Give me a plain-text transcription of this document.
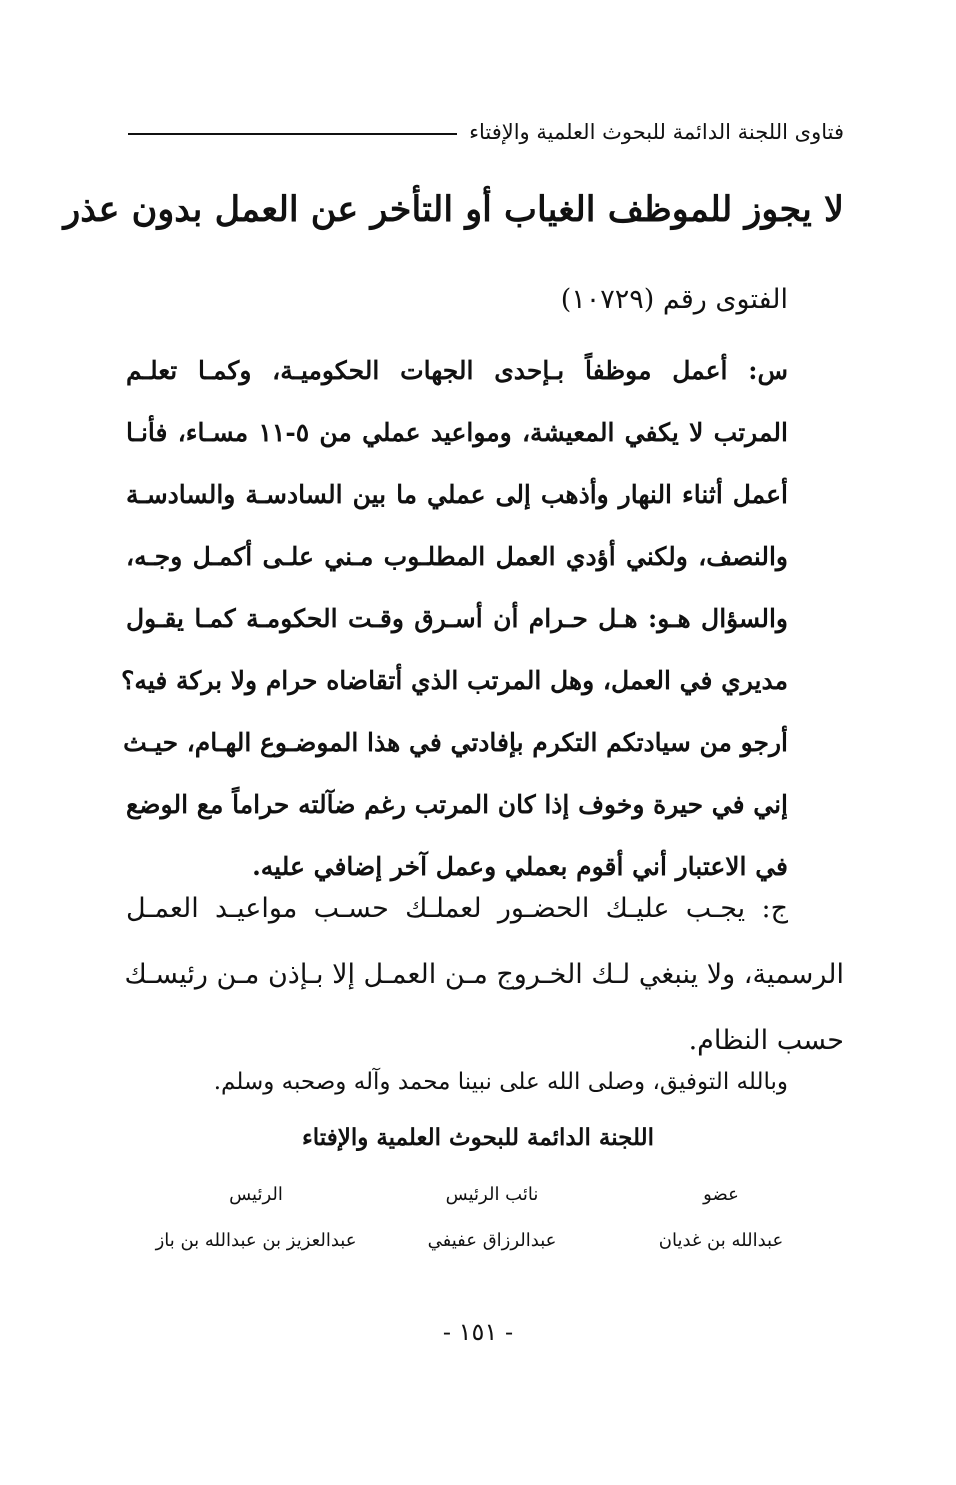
فتاوى اللجنة الدائمة للبحوث العلمية والإفتاء
لا يجوز للموظف الغياب أو التأخر عن العمل بدون عذر
الفتوى رقم (١٠٧٢٩)
س: أعمل موظفاً بـإحدى الجهات الحكوميـة، وكمـا تعلـم
المرتب لا يكفي المعيشة، ومواعيد عملي من ٥-١١ مسـاء، فأنـا
أعمل أثناء النهار وأذهب إلى عملي ما بين السادسـة والسادسـة
والنصف، ولكني أؤدي العمل المطلـوب مـني علـى أكمـل وجـه،
والسؤال هـو: هـل حـرام أن أسـرق وقـت الحكومـة كمـا يقـول
مديري في العمل، وهل المرتب الذي أتقاضاه حرام ولا بركة فيه؟
أرجو من سيادتكم التكرم بإفادتي في هذا الموضـوع الهـام، حيـث
إني في حيرة وخوف إذا كان المرتب رغم ضآلته حراماً مع الوضع
في الاعتبار أني أقوم بعملي وعمل آخر إضافي عليه.
ج: يجـب عليـك الحضـور لعملـك حسـب مواعيـد العمـل
الرسمية، ولا ينبغي لـك الخـروج مـن العمـل إلا بـإذن مـن رئيسـك
حسب النظام.
وبالله التوفيق، وصلى الله على نبينا محمد وآله وصحبه وسلم.
اللجنة الدائمة للبحوث العلمية والإفتاء
عضو
عبدالله بن غديان
نائب الرئيس
عبدالرزاق عفيفي
الرئيس
عبدالعزيز بن عبدالله بن باز
- ١٥١ -
